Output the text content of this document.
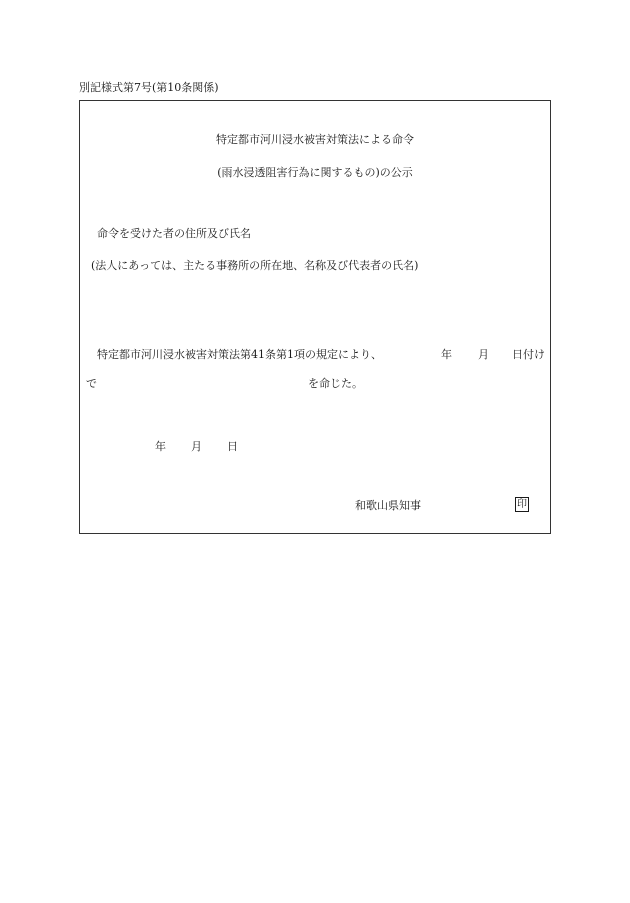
別記様式第7号(第10条関係)
特定都市河川浸水被害対策法による命令
(雨水浸透阻害行為に関するもの)の公示
命令を受けた者の住所及び氏名
(法人にあっては、主たる事務所の所在地、名称及び代表者の氏名)
特定都市河川浸水被害対策法第41条第1項の規定により、	年 月 日付け
で	を命じた。
年 月 日
和歌山県知事	印
